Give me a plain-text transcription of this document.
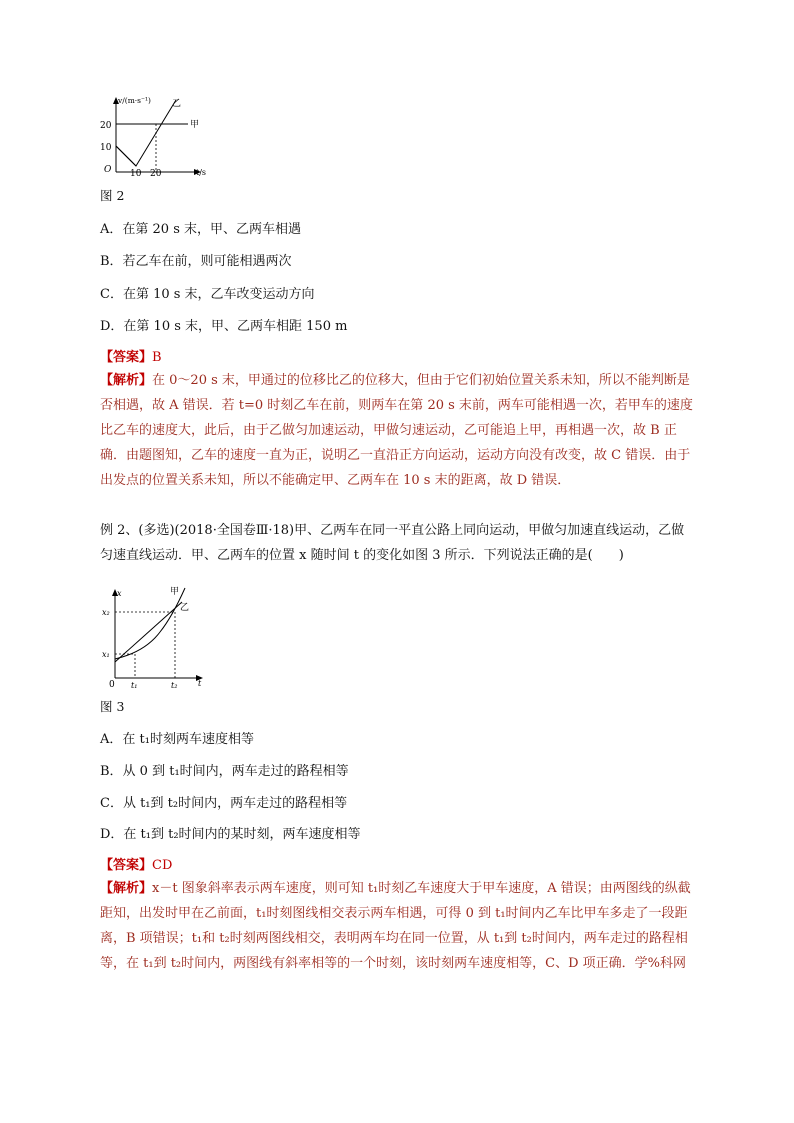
v/(m·s⁻¹)
t/s
O
20
10
10 20
甲
乙
图 2
A．在第 20 s 末，甲、乙两车相遇
B．若乙车在前，则可能相遇两次
C．在第 10 s 末，乙车改变运动方向
D．在第 10 s 末，甲、乙两车相距 150 m
【答案】B
【解析】在 0～20 s 末，甲通过的位移比乙的位移大，但由于它们初始位置关系未知，所以不能判断是否相遇，故 A 错误．若 t=0 时刻乙车在前，则两车在第 20 s 末前，两车可能相遇一次，若甲车的速度比乙车的速度大，此后，由于乙做匀加速运动，甲做匀速运动，乙可能追上甲，再相遇一次，故 B 正确．由题图知，乙车的速度一直为正，说明乙一直沿正方向运动，运动方向没有改变，故 C 错误．由于出发点的位置关系未知，所以不能确定甲、乙两车在 10 s 末的距离，故 D 错误．
例 2、(多选)(2018·全国卷Ⅲ·18)甲、乙两车在同一平直公路上同向运动，甲做匀加速直线运动，乙做匀速直线运动．甲、乙两车的位置 x 随时间 t 的变化如图 3 所示．下列说法正确的是(　　)
x
t
0
x₂
x₁
t₁	t₂
乙
甲
图 3
A．在 t₁时刻两车速度相等
B．从 0 到 t₁时间内，两车走过的路程相等
C．从 t₁到 t₂时间内，两车走过的路程相等
D．在 t₁到 t₂时间内的某时刻，两车速度相等
【答案】CD
【解析】x－t 图象斜率表示两车速度，则可知 t₁时刻乙车速度大于甲车速度，A 错误；由两图线的纵截距知，出发时甲在乙前面，t₁时刻图线相交表示两车相遇，可得 0 到 t₁时间内乙车比甲车多走了一段距离，B 项错误；t₁和 t₂时刻两图线相交，表明两车均在同一位置，从 t₁到 t₂时间内，两车走过的路程相等，在 t₁到 t₂时间内，两图线有斜率相等的一个时刻，该时刻两车速度相等，C、D 项正确．学%科网
